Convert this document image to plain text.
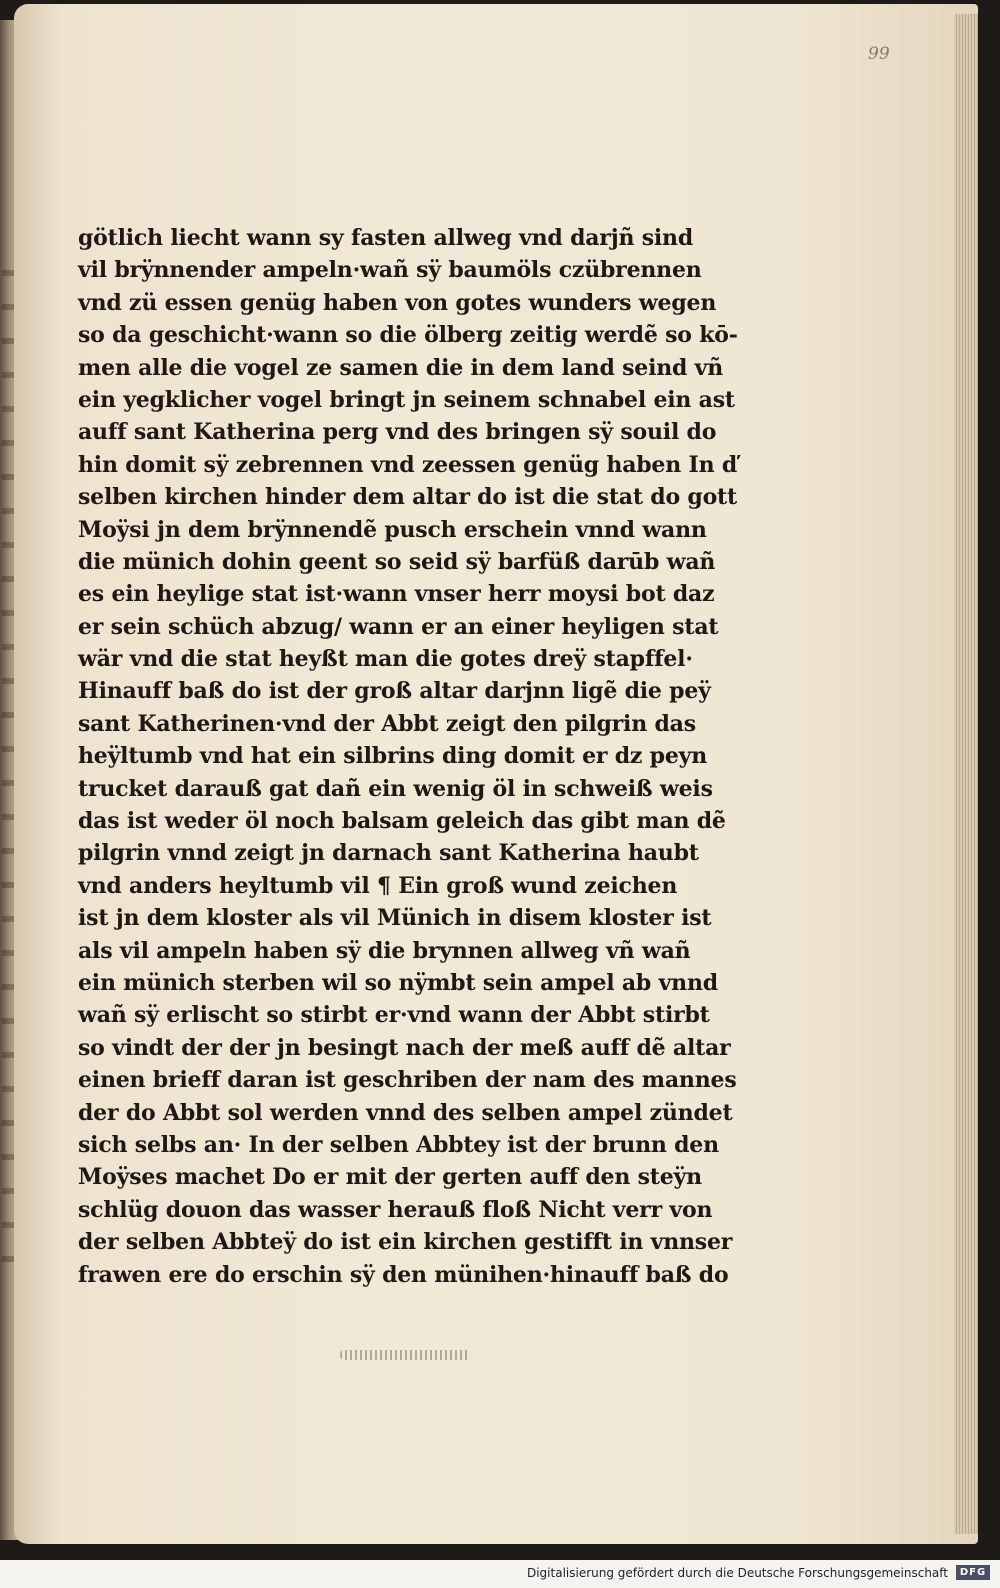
99
götlich liecht wann sy fasten allweg vnd darjñ sind
vil brÿnnender ampeln·wañ sÿ baumöls czübrennen
vnd zü essen genüg haben von gotes wunders wegen
so da geschicht·wann so die ölberg zeitig werdẽ so kō-
men alle die vogel ze samen die in dem land seind vñ
ein yegklicher vogel bringt jn seinem schnabel ein ast
auff sant Katherina perg vnd des bringen sÿ souil do
hin domit sÿ zebrennen vnd zeessen genüg haben In ď
selben kirchen hinder dem altar do ist die stat do gott
Moÿsi jn dem brÿnnendẽ pusch erschein vnnd wann
die münich dohin geent so seid sÿ barfüß darūb wañ
es ein heylige stat ist·wann vnser herr moysi bot daz
er sein schüch abzug/ wann er an einer heyligen stat
wär vnd die stat heyßt man die gotes dreÿ stapffel·
Hinauff baß do ist der groß altar darjnn ligẽ die peÿ
sant Katherinen·vnd der Abbt zeigt den pilgrin das
heÿltumb vnd hat ein silbrins ding domit er dz peyn
trucket darauß gat dañ ein wenig öl in schweiß weis
das ist weder öl noch balsam geleich das gibt man dẽ
pilgrin vnnd zeigt jn darnach sant Katherina haubt
vnd anders heyltumb vil ¶ Ein groß wund zeichen
ist jn dem kloster als vil Münich in disem kloster ist
als vil ampeln haben sÿ die brynnen allweg vñ wañ
ein münich sterben wil so nÿmbt sein ampel ab vnnd
wañ sÿ erlischt so stirbt er·vnd wann der Abbt stirbt
so vindt der der jn besingt nach der meß auff dẽ altar
einen brieff daran ist geschriben der nam des mannes
der do Abbt sol werden vnnd des selben ampel zündet
sich selbs an· In der selben Abbtey ist der brunn den
Moÿses machet Do er mit der gerten auff den steÿn
schlüg douon das wasser herauß floß Nicht verr von
der selben Abbteÿ do ist ein kirchen gestifft in vnnser
frawen ere do erschin sÿ den münihen·hinauff baß do
Digitalisierung gefördert durch die Deutsche Forschungsgemeinschaft	DFG
